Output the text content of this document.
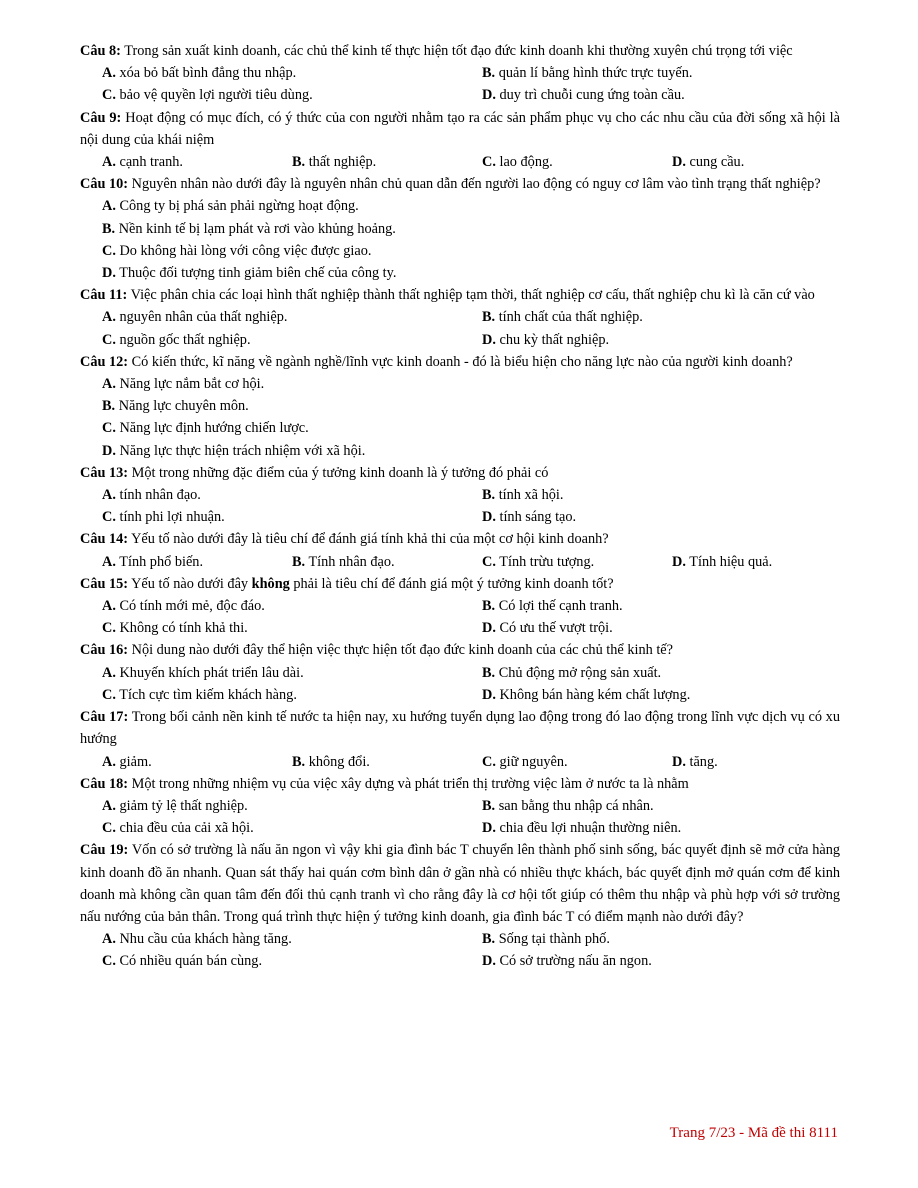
Câu 8: Trong sản xuất kinh doanh, các chủ thể kinh tế thực hiện tốt đạo đức kinh doanh khi thường xuyên chú trọng tới việc

A. xóa bỏ bất bình đẳng thu nhập.	B. quản lí bằng hình thức trực tuyến.
C. bảo vệ quyền lợi người tiêu dùng.	D. duy trì chuỗi cung ứng toàn cầu.

Câu 9: Hoạt động có mục đích, có ý thức của con người nhằm tạo ra các sản phẩm phục vụ cho các nhu cầu của đời sống xã hội là nội dung của khái niệm

A. cạnh tranh.	B. thất nghiệp.	C. lao động.	D. cung cầu.

Câu 10: Nguyên nhân nào dưới đây là nguyên nhân chủ quan dẫn đến người lao động có nguy cơ lâm vào tình trạng thất nghiệp?

A. Công ty bị phá sản phải ngừng hoạt động.
B. Nền kinh tế bị lạm phát và rơi vào khủng hoảng.
C. Do không hài lòng với công việc được giao.
D. Thuộc đối tượng tinh giảm biên chế của công ty.

Câu 11: Việc phân chia các loại hình thất nghiệp thành thất nghiệp tạm thời, thất nghiệp cơ cấu, thất nghiệp chu kì là căn cứ vào

A. nguyên nhân của thất nghiệp.	B. tính chất của thất nghiệp.
C. nguồn gốc thất nghiệp.	D. chu kỳ thất nghiệp.

Câu 12: Có kiến thức, kĩ năng về ngành nghề/lĩnh vực kinh doanh - đó là biểu hiện cho năng lực nào của người kinh doanh?

A. Năng lực nắm bắt cơ hội.
B. Năng lực chuyên môn.
C. Năng lực định hướng chiến lược.
D. Năng lực thực hiện trách nhiệm với xã hội.

Câu 13: Một trong những đặc điểm của ý tưởng kinh doanh là ý tưởng đó phải có

A. tính nhân đạo.	B. tính xã hội.
C. tính phi lợi nhuận.	D. tính sáng tạo.

Câu 14: Yếu tố nào dưới đây là tiêu chí để đánh giá tính khả thi của một cơ hội kinh doanh?

A. Tính phổ biến.	B. Tính nhân đạo.	C. Tính trừu tượng.	D. Tính hiệu quả.

Câu 15: Yếu tố nào dưới đây không phải là tiêu chí để đánh giá một ý tưởng kinh doanh tốt?

A. Có tính mới mẻ, độc đáo.	B. Có lợi thế cạnh tranh.
C. Không có tính khả thi.	D. Có ưu thế vượt trội.

Câu 16: Nội dung nào dưới đây thể hiện việc thực hiện tốt đạo đức kinh doanh của các chủ thể kinh tế?

A. Khuyến khích phát triển lâu dài.	B. Chủ động mở rộng sản xuất.
C. Tích cực tìm kiếm khách hàng.	D. Không bán hàng kém chất lượng.

Câu 17: Trong bối cảnh nền kinh tế nước ta hiện nay, xu hướng tuyển dụng lao động trong đó lao động trong lĩnh vực dịch vụ có xu hướng

A. giảm.	B. không đổi.	C. giữ nguyên.	D. tăng.

Câu 18: Một trong những nhiệm vụ của việc xây dựng và phát triển thị trường việc làm ở nước ta là nhằm

A. giảm tỷ lệ thất nghiệp.	B. san bằng thu nhập cá nhân.
C. chia đều của cải xã hội.	D. chia đều lợi nhuận thường niên.

Câu 19: Vốn có sở trường là nấu ăn ngon vì vậy khi gia đình bác T chuyển lên thành phố sinh sống, bác quyết định sẽ mở cửa hàng kinh doanh đồ ăn nhanh. Quan sát thấy hai quán cơm bình dân ở gần nhà có nhiều thực khách, bác quyết định mở quán cơm để kinh doanh mà không cần quan tâm đến đối thủ cạnh tranh vì cho rằng đây là cơ hội tốt giúp có thêm thu nhập và phù hợp với sở trường nấu nướng của bản thân. Trong quá trình thực hiện ý tưởng kinh doanh, gia đình bác T có điểm mạnh nào dưới đây?

A. Nhu cầu của khách hàng tăng.	B. Sống tại thành phố.
C. Có nhiều quán bán cùng.	D. Có sở trường nấu ăn ngon.
Trang 7/23 - Mã đề thi 8111
